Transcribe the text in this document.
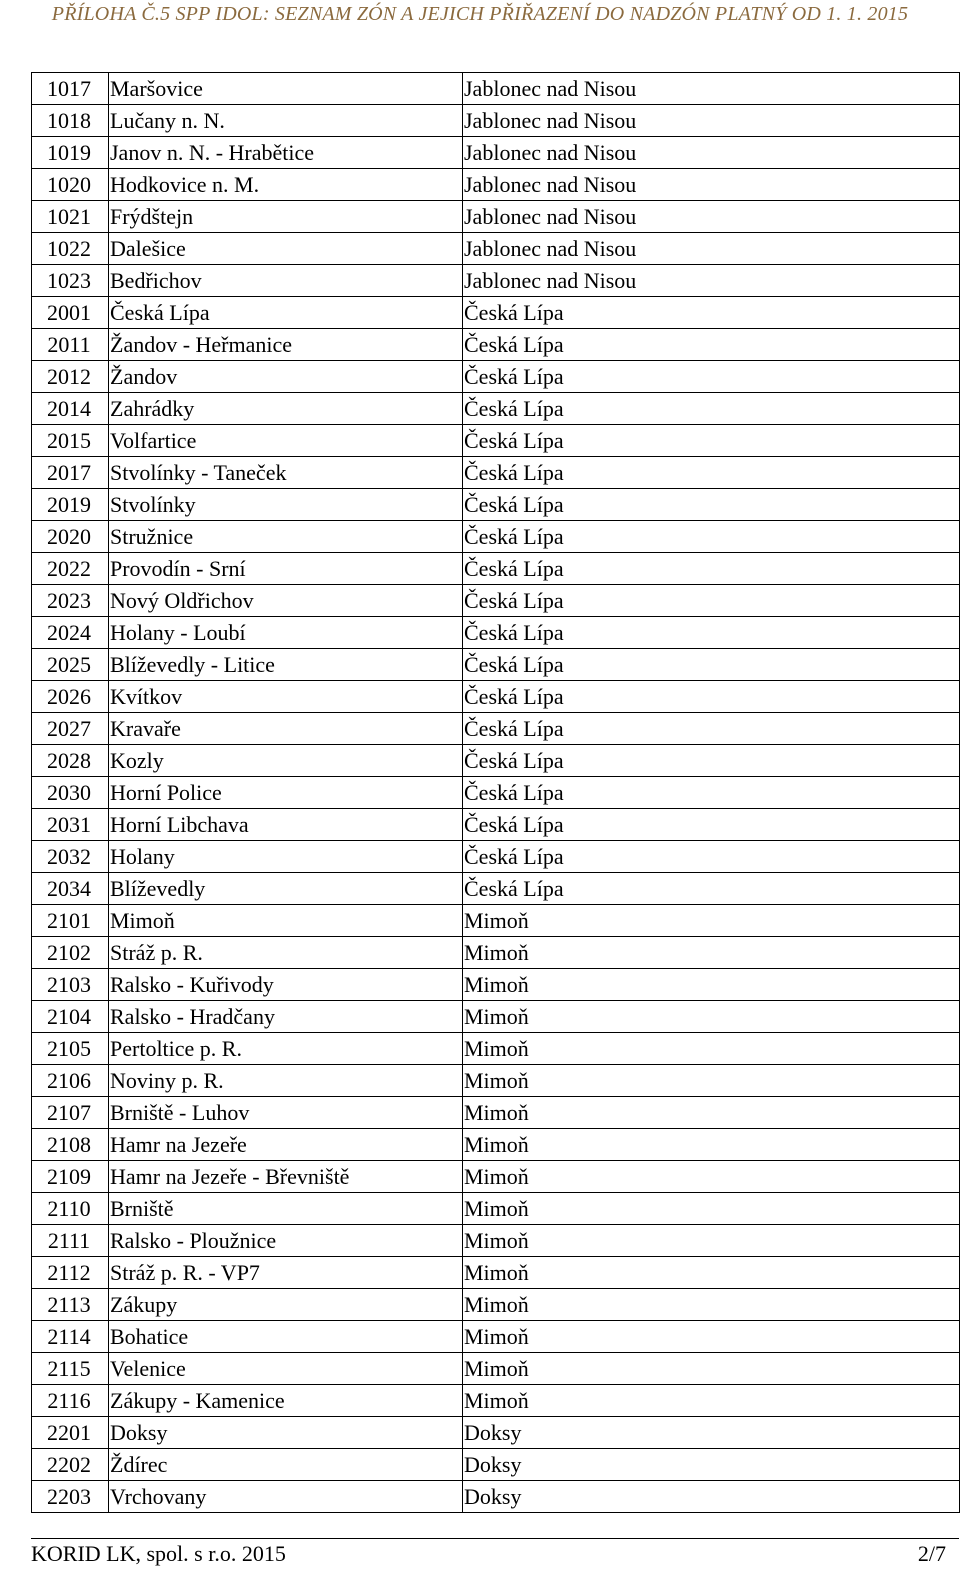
PŘÍLOHA Č.5 SPP IDOL: SEZNAM ZÓN A JEJICH PŘIŘAZENÍ DO NADZÓN PLATNÝ OD 1. 1. 2015
1017	Maršovice	Jablonec nad Nisou
1018	Lučany n. N.	Jablonec nad Nisou
1019	Janov n. N. - Hrabětice	Jablonec nad Nisou
1020	Hodkovice n. M.	Jablonec nad Nisou
1021	Frýdštejn	Jablonec nad Nisou
1022	Dalešice	Jablonec nad Nisou
1023	Bedřichov	Jablonec nad Nisou
2001	Česká Lípa	Česká Lípa
2011	Žandov - Heřmanice	Česká Lípa
2012	Žandov	Česká Lípa
2014	Zahrádky	Česká Lípa
2015	Volfartice	Česká Lípa
2017	Stvolínky - Taneček	Česká Lípa
2019	Stvolínky	Česká Lípa
2020	Stružnice	Česká Lípa
2022	Provodín - Srní	Česká Lípa
2023	Nový Oldřichov	Česká Lípa
2024	Holany - Loubí	Česká Lípa
2025	Blíževedly - Litice	Česká Lípa
2026	Kvítkov	Česká Lípa
2027	Kravaře	Česká Lípa
2028	Kozly	Česká Lípa
2030	Horní Police	Česká Lípa
2031	Horní Libchava	Česká Lípa
2032	Holany	Česká Lípa
2034	Blíževedly	Česká Lípa
2101	Mimoň	Mimoň
2102	Stráž p. R.	Mimoň
2103	Ralsko - Kuřivody	Mimoň
2104	Ralsko - Hradčany	Mimoň
2105	Pertoltice p. R.	Mimoň
2106	Noviny p. R.	Mimoň
2107	Brniště - Luhov	Mimoň
2108	Hamr na Jezeře	Mimoň
2109	Hamr na Jezeře - Břevniště	Mimoň
2110	Brniště	Mimoň
2111	Ralsko - Ploužnice	Mimoň
2112	Stráž p. R. - VP7	Mimoň
2113	Zákupy	Mimoň
2114	Bohatice	Mimoň
2115	Velenice	Mimoň
2116	Zákupy - Kamenice	Mimoň
2201	Doksy	Doksy
2202	Ždírec	Doksy
2203	Vrchovany	Doksy
KORID LK, spol. s r.o. 2015	2/7
